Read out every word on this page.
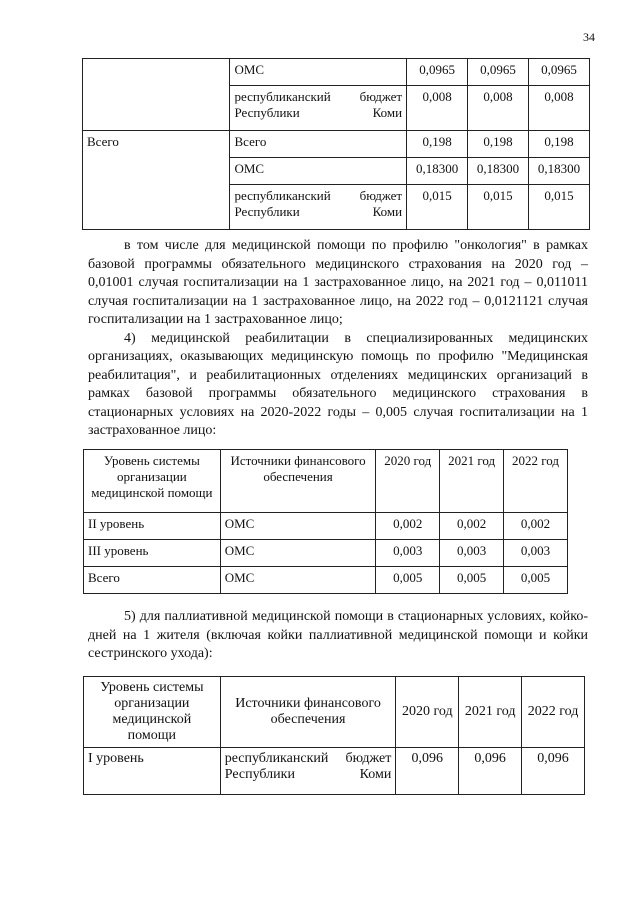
34
	ОМС	0,0965	0,0965	0,0965
	республиканский бюджет Республики Коми	0,008	0,008	0,008
Всего	Всего	0,198	0,198	0,198
	ОМС	0,18300	0,18300	0,18300
	республиканский бюджет Республики Коми	0,015	0,015	0,015

в том числе для медицинской помощи по профилю "онкология" в рамках базовой программы обязательного медицинского страхования на 2020 год – 0,01001 случая госпитализации на 1 застрахованное лицо, на 2021 год – 0,011011 случая госпитализации на 1 застрахованное лицо, на 2022 год – 0,0121121 случая госпитализации на 1 застрахованное лицо;

4) медицинской реабилитации в специализированных медицинских организациях, оказывающих медицинскую помощь по профилю "Медицинская реабилитация", и реабилитационных отделениях медицинских организаций в рамках базовой программы обязательного медицинского страхования в стационарных условиях на 2020-2022 годы – 0,005 случая госпитализации на 1 застрахованное лицо:

Уровень системы организации медицинской помощи	Источники финансового обеспечения	2020 год	2021 год	2022 год
II уровень	ОМС	0,002	0,002	0,002
III уровень	ОМС	0,003	0,003	0,003
Всего	ОМС	0,005	0,005	0,005

5) для паллиативной медицинской помощи в стационарных условиях, койко-дней на 1 жителя (включая койки паллиативной медицинской помощи и койки сестринского ухода):

Уровень системы организации медицинской помощи	Источники финансового обеспечения	2020 год	2021 год	2022 год
I уровень	республиканский бюджет Республики Коми	0,096	0,096	0,096
